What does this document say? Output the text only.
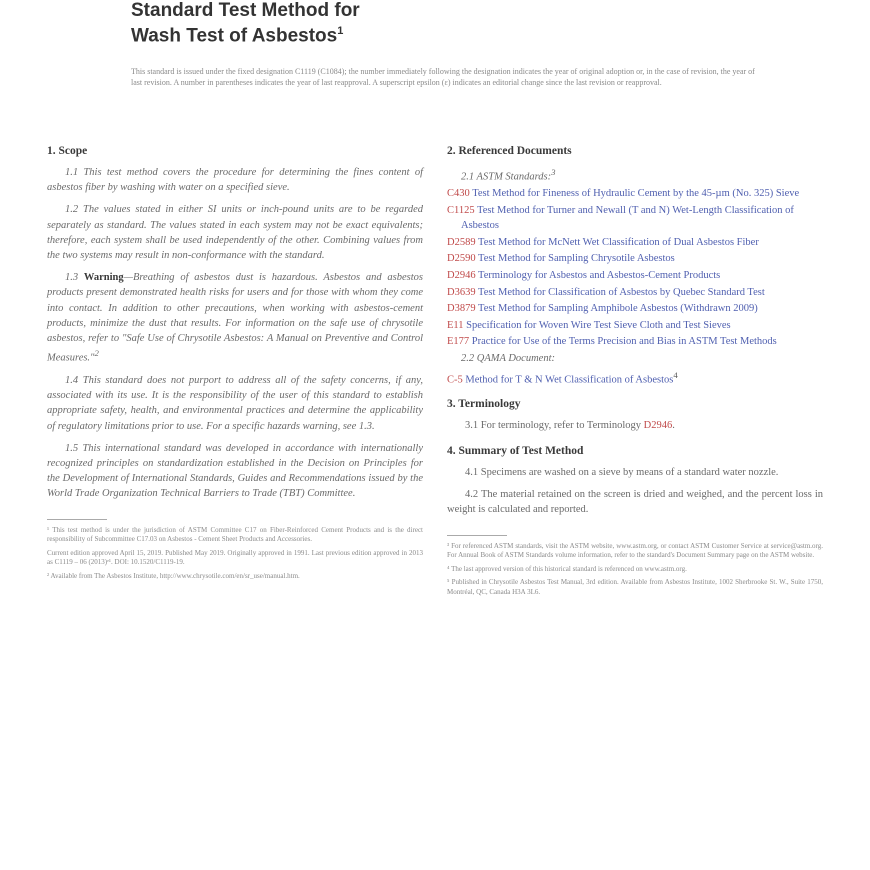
Standard Test Method for
Wash Test of Asbestos$^1$
This standard is issued under the fixed designation C1119 (C1084); the number immediately following the designation indicates the year of original adoption or, in the case of revision, the year of last revision. A number in parentheses indicates the year of last reapproval. A superscript epsilon (ε) indicates an editorial change since the last revision or reapproval.
1. Scope

1.1 This test method covers the procedure for determining the fines content of asbestos fiber by washing with water on a specified sieve.

1.2 The values stated in either SI units or inch-pound units are to be regarded separately as standard. The values stated in each system may not be exact equivalents; therefore, each system shall be used independently of the other. Combining values from the two systems may result in non-conformance with the standard.

1.3 Warning—Breathing of asbestos dust is hazardous. Asbestos and asbestos products present demonstrated health risks for users and for those with whom they come into contact. In addition to other precautions, when working with asbestos-cement products, minimize the dust that results. For information on the safe use of chrysotile asbestos, refer to "Safe Use of Chrysotile Asbestos: A Manual on Preventive and Control Measures."$^2$

1.4 This standard does not purport to address all of the safety concerns, if any, associated with its use. It is the responsibility of the user of this standard to establish appropriate safety, health, and environmental practices and determine the applicability of regulatory limitations prior to use. For a specific hazards warning, see 1.3.

1.5 This international standard was developed in accordance with internationally recognized principles on standardization established in the Decision on Principles for the Development of International Standards, Guides and Recommendations issued by the World Trade Organization Technical Barriers to Trade (TBT) Committee.

¹ This test method is under the jurisdiction of ASTM Committee C17 on Fiber-Reinforced Cement Products and is the direct responsibility of Subcommittee C17.03 on Asbestos - Cement Sheet Products and Accessories.
Current edition approved April 15, 2019. Published May 2019. Originally approved in 1991. Last previous edition approved in 2013 as C1119 – 06 (2013)ᵉ¹. DOI: 10.1520/C1119-19.
² Available from The Asbestos Institute, http://www.chrysotile.com/en/sr_use/manual.htm.
2. Referenced Documents
2.1 ASTM Standards:$^3$
C430 Test Method for Fineness of Hydraulic Cement by the 45-µm (No. 325) Sieve
C1125 Test Method for Turner and Newall (T and N) Wet-Length Classification of Asbestos
D2589 Test Method for McNett Wet Classification of Dual Asbestos Fiber
D2590 Test Method for Sampling Chrysotile Asbestos
D2946 Terminology for Asbestos and Asbestos-Cement Products
D3639 Test Method for Classification of Asbestos by Quebec Standard Test
D3879 Test Method for Sampling Amphibole Asbestos (Withdrawn 2009)
E11 Specification for Woven Wire Test Sieve Cloth and Test Sieves
E177 Practice for Use of the Terms Precision and Bias in ASTM Test Methods
2.2 QAMA Document:
C-5 Method for T & N Wet Classification of Asbestos$^4$
3. Terminology

3.1 For terminology, refer to Terminology D2946.

4. Summary of Test Method

4.1 Specimens are washed on a sieve by means of a standard water nozzle.

4.2 The material retained on the screen is dried and weighed, and the percent loss in weight is calculated and reported.

³ For referenced ASTM standards, visit the ASTM website, www.astm.org, or contact ASTM Customer Service at service@astm.org. For Annual Book of ASTM Standards volume information, refer to the standard's Document Summary page on the ASTM website.
⁴ The last approved version of this historical standard is referenced on www.astm.org.
⁵ Published in Chrysotile Asbestos Test Manual, 3rd edition. Available from Asbestos Institute, 1002 Sherbrooke St. W., Suite 1750, Montréal, QC, Canada H3A 3L6.
